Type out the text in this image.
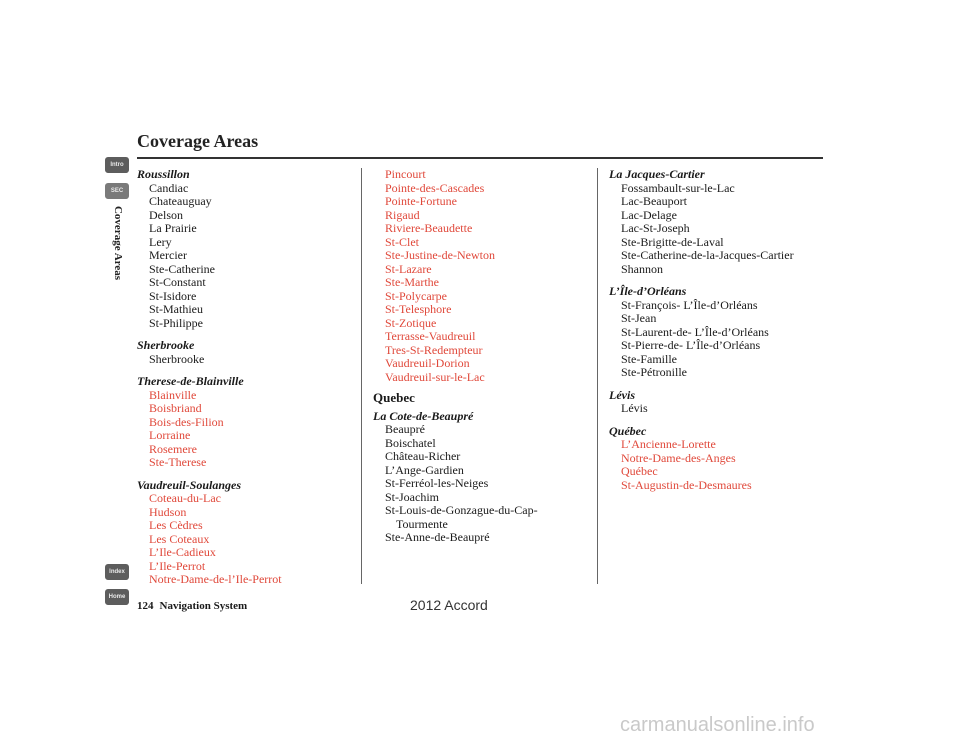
Coverage Areas
Intro
SEC
Coverage Areas
Index
Home
Roussillon
Candiac
Chateauguay
Delson
La Prairie
Lery
Mercier
Ste-Catherine
St-Constant
St-Isidore
St-Mathieu
St-Philippe
Sherbrooke
Sherbrooke
Therese-de-Blainville
Blainville
Boisbriand
Bois-des-Filion
Lorraine
Rosemere
Ste-Therese
Vaudreuil-Soulanges
Coteau-du-Lac
Hudson
Les Cèdres
Les Coteaux
L’Ile-Cadieux
L’Ile-Perrot
Notre-Dame-de-l’Ile-Perrot
Pincourt
Pointe-des-Cascades
Pointe-Fortune
Rigaud
Riviere-Beaudette
St-Clet
Ste-Justine-de-Newton
St-Lazare
Ste-Marthe
St-Polycarpe
St-Telesphore
St-Zotique
Terrasse-Vaudreuil
Tres-St-Redempteur
Vaudreuil-Dorion
Vaudreuil-sur-le-Lac
Quebec
La Cote-de-Beaupré
Beaupré
Boischatel
Château-Richer
L’Ange-Gardien
St-Ferréol-les-Neiges
St-Joachim
St-Louis-de-Gonzague-du-Cap-Tourmente
Ste-Anne-de-Beaupré
La Jacques-Cartier
Fossambault-sur-le-Lac
Lac-Beauport
Lac-Delage
Lac-St-Joseph
Ste-Brigitte-de-Laval
Ste-Catherine-de-la-Jacques-Cartier
Shannon
L’Île-d’Orléans
St-François- L’Île-d’Orléans
St-Jean
St-Laurent-de- L’Île-d’Orléans
St-Pierre-de- L’Île-d’Orléans
Ste-Famille
Ste-Pétronille
Lévis
Lévis
Québec
L’Ancienne-Lorette
Notre-Dame-des-Anges
Québec
St-Augustin-de-Desmaures
124 Navigation System	2012 Accord
carmanualsonline.info
